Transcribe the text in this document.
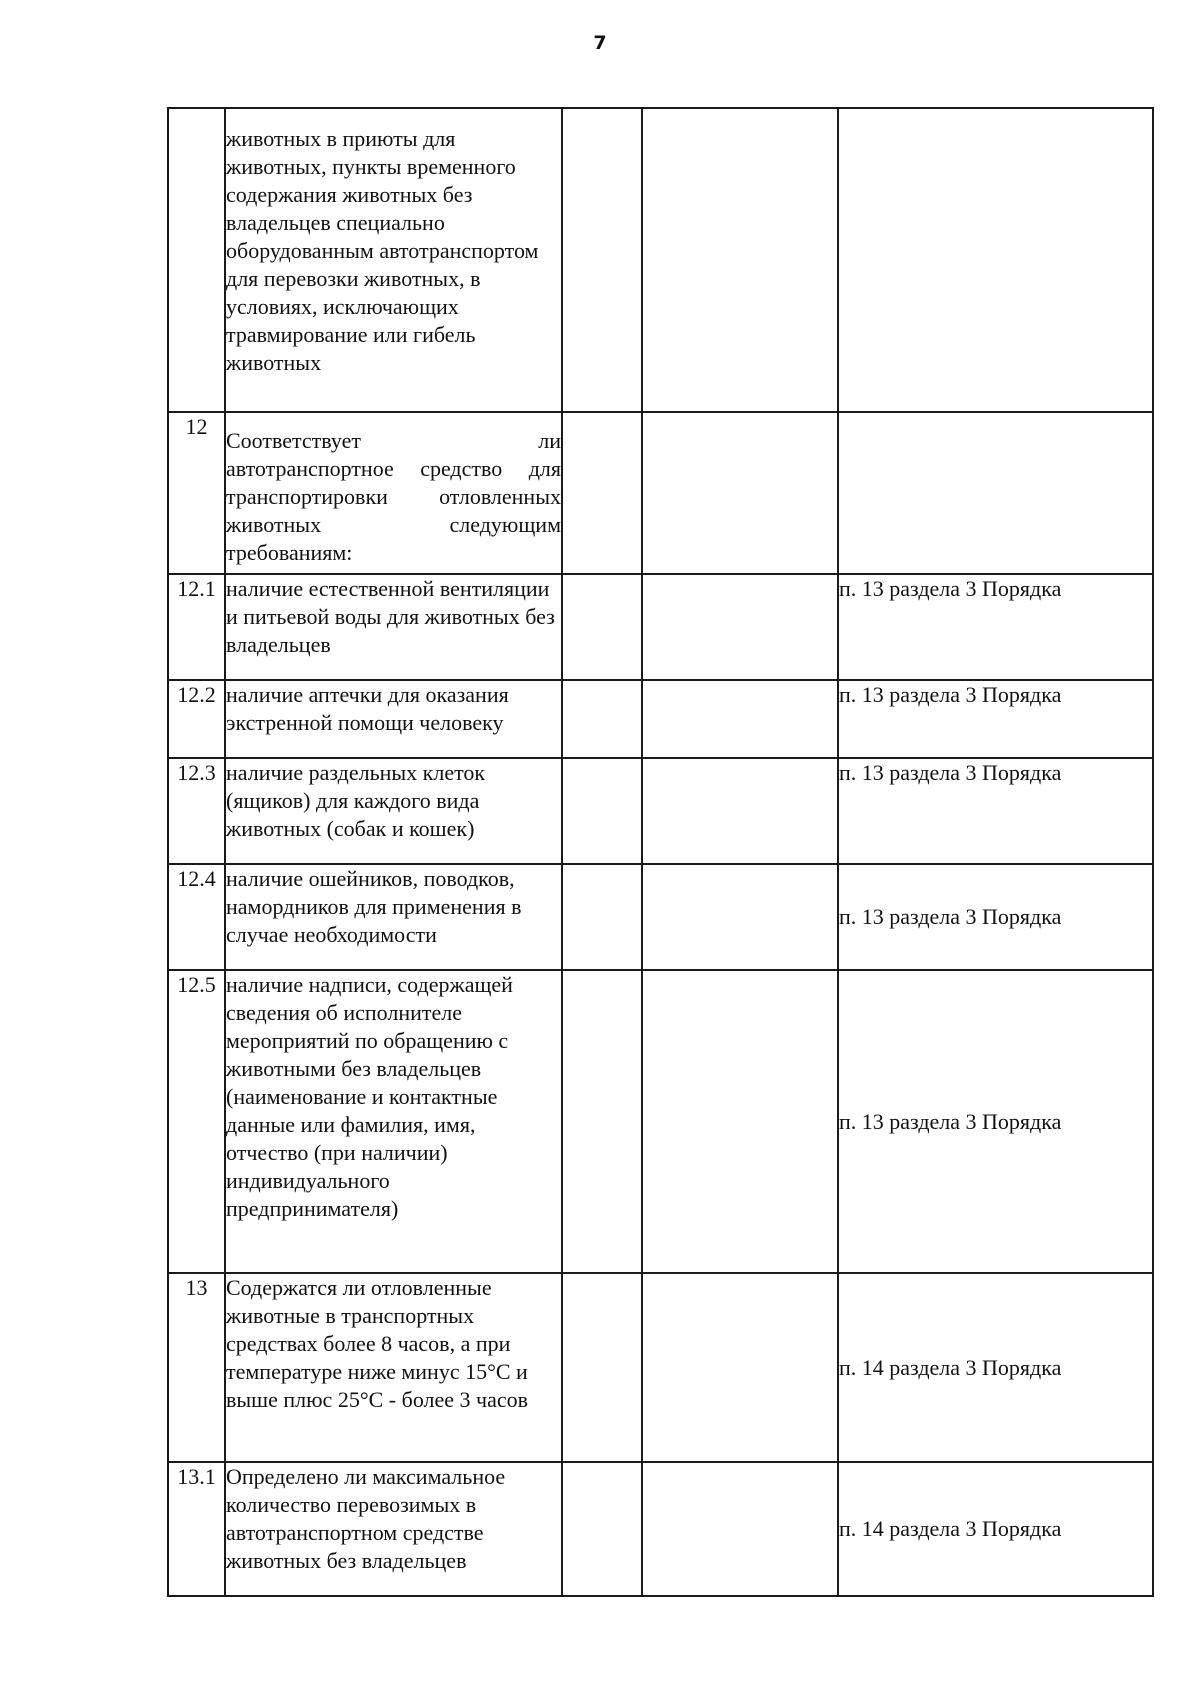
7
	животных в приюты для животных, пункты временного содержания животных без владельцев специально оборудованным автотранспортом для перевозки животных, в условиях, исключающих травмирование или гибель животных			
12	Соответствует ли автотранспортное средство для транспортировки отловленных животных следующим требованиям:			
12.1	наличие естественной вентиляции и питьевой воды для животных без владельцев			п. 13 раздела 3 Порядка
12.2	наличие аптечки для оказания экстренной помощи человеку			п. 13 раздела 3 Порядка
12.3	наличие раздельных клеток (ящиков) для каждого вида животных (собак и кошек)			п. 13 раздела 3 Порядка
12.4	наличие ошейников, поводков, намордников для применения в случае необходимости			п. 13 раздела 3 Порядка
12.5	наличие надписи, содержащей сведения об исполнителе мероприятий по обращению с животными без владельцев (наименование и контактные данные или фамилия, имя, отчество (при наличии) индивидуального предпринимателя)			п. 13 раздела 3 Порядка
13	Содержатся ли отловленные животные в транспортных средствах более 8 часов, а при температуре ниже минус 15°C и выше плюс 25°C - более 3 часов			п. 14 раздела 3 Порядка
13.1	Определено ли максимальное количество перевозимых в автотранспортном средстве животных без владельцев			п. 14 раздела 3 Порядка
